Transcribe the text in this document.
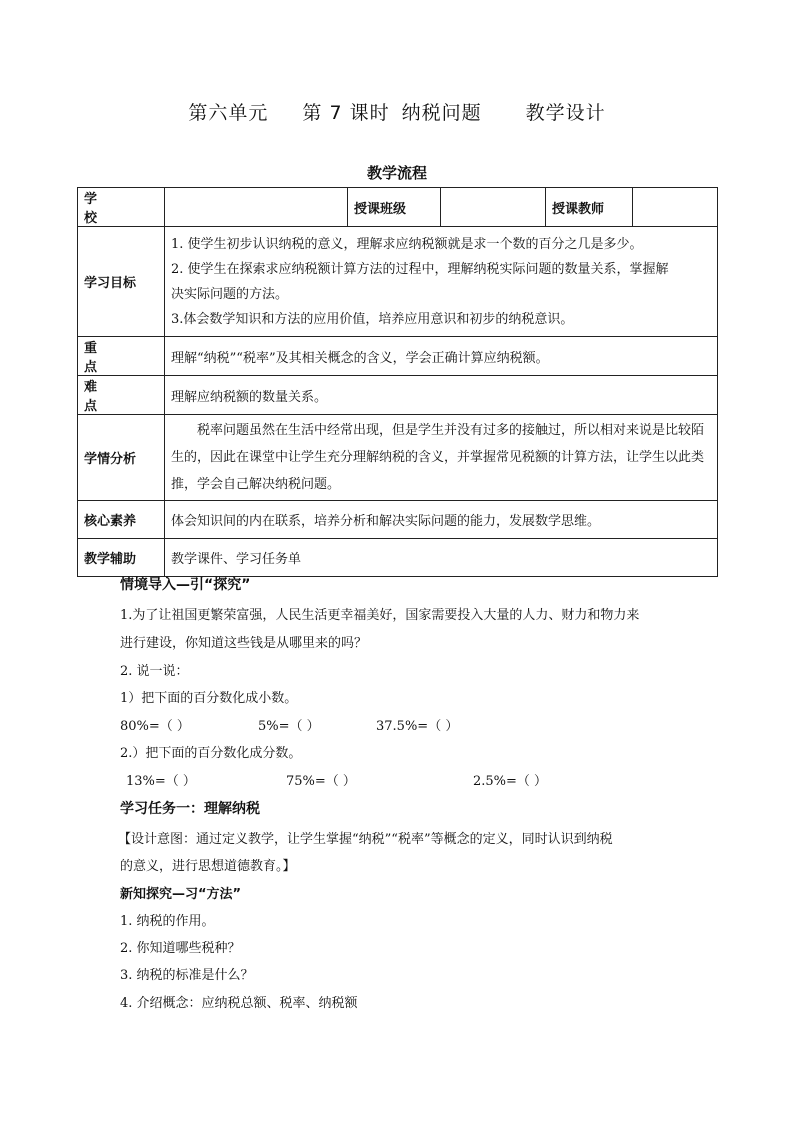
第六单元 第 7 课时 纳税问题 教学设计
教学流程
学 校		授课班级		授课教师	
学习目标	1. 使学生初步认识纳税的意义，理解求应纳税额就是求一个数的百分之几是多少。
2. 使学生在探索求应纳税额计算方法的过程中，理解纳税实际问题的数量关系，掌握解
决实际问题的方法。
3.体会数学知识和方法的应用价值，培养应用意识和初步的纳税意识。				

重 点	理解“纳税”“税率”及其相关概念的含义，学会正确计算应纳税额。				
难 点	理解应纳税额的数量关系。				
学情分析	税率问题虽然在生活中经常出现，但是学生并没有过多的接触过，所以相对来说是比较陌生的，因此在课堂中让学生充分理解纳税的含义，并掌握常见税额的计算方法，让学生以此类推，学会自己解决纳税问题。				

核心素养	体会知识间的内在联系，培养分析和解决实际问题的能力，发展数学思维。				
教学辅助	教学课件、学习任务单				
情境导入—引“探究”
1.为了让祖国更繁荣富强，人民生活更幸福美好，国家需要投入大量的人力、财力和物力来
进行建设，你知道这些钱是从哪里来的吗？
2. 说一说：
1）把下面的百分数化成小数。
80%=（ ）	5%=（ ）	37.5%=（ ）
2.）把下面的百分数化成分数。
13%=（ ）	75%=（ ）	2.5%=（ ）
学习任务一：理解纳税
【设计意图：通过定义教学，让学生掌握“纳税”“税率”等概念的定义，同时认识到纳税
的意义，进行思想道德教育。】
新知探究—习“方法”
1. 纳税的作用。
2. 你知道哪些税种？
3. 纳税的标准是什么？
4. 介绍概念：应纳税总额、税率、纳税额
